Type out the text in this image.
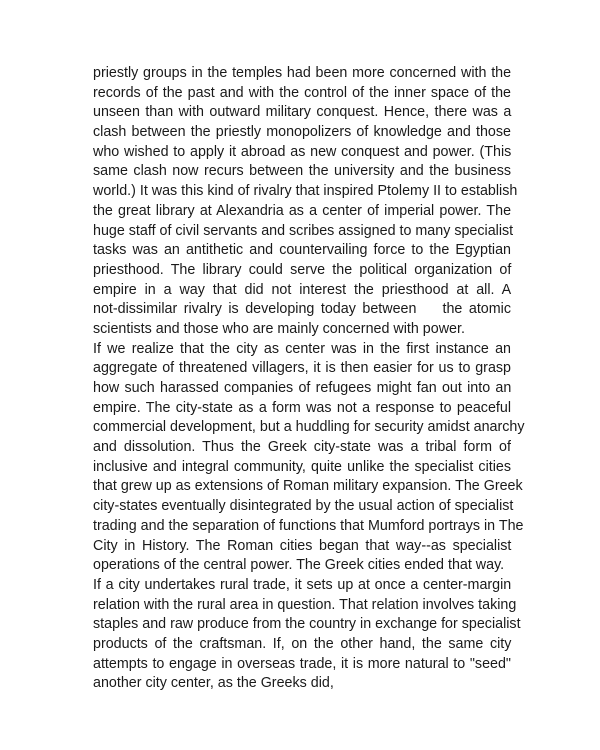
priestly groups in the temples had been more concerned with the
records of the past and with the control of the inner space of the
unseen than with outward military conquest. Hence, there was a
clash between the priestly monopolizers of knowledge and those
who wished to apply it abroad as new conquest and power. (This
same clash now recurs between the university and the business
world.) It was this kind of rivalry that inspired Ptolemy II to establish
the great library at Alexandria as a center of imperial power. The
huge staff of civil servants and scribes assigned to many specialist
tasks was an antithetic and countervailing force to the Egyptian
priesthood. The library could serve the political organization of
empire in a way that did not interest the priesthood at all. A
not-dissimilar rivalry is developing today between    the atomic
scientists and those who are mainly concerned with power.
If we realize that the city as center was in the first instance an
aggregate of threatened villagers, it is then easier for us to grasp
how such harassed companies of refugees might fan out into an
empire. The city-state as a form was not a response to peaceful
commercial development, but a huddling for security amidst anarchy
and dissolution. Thus the Greek city-state was a tribal form of
inclusive and integral community, quite unlike the specialist cities
that grew up as extensions of Roman military expansion. The Greek
city-states eventually disintegrated by the usual action of specialist
trading and the separation of functions that Mumford portrays in The
City in History. The Roman cities began that way--as specialist
operations of the central power. The Greek cities ended that way.
If a city undertakes rural trade, it sets up at once a center-margin
relation with the rural area in question. That relation involves taking
staples and raw produce from the country in exchange for specialist
products of the craftsman. If, on the other hand, the same city
attempts to engage in overseas trade, it is more natural to "seed"
another city center, as the Greeks did,
